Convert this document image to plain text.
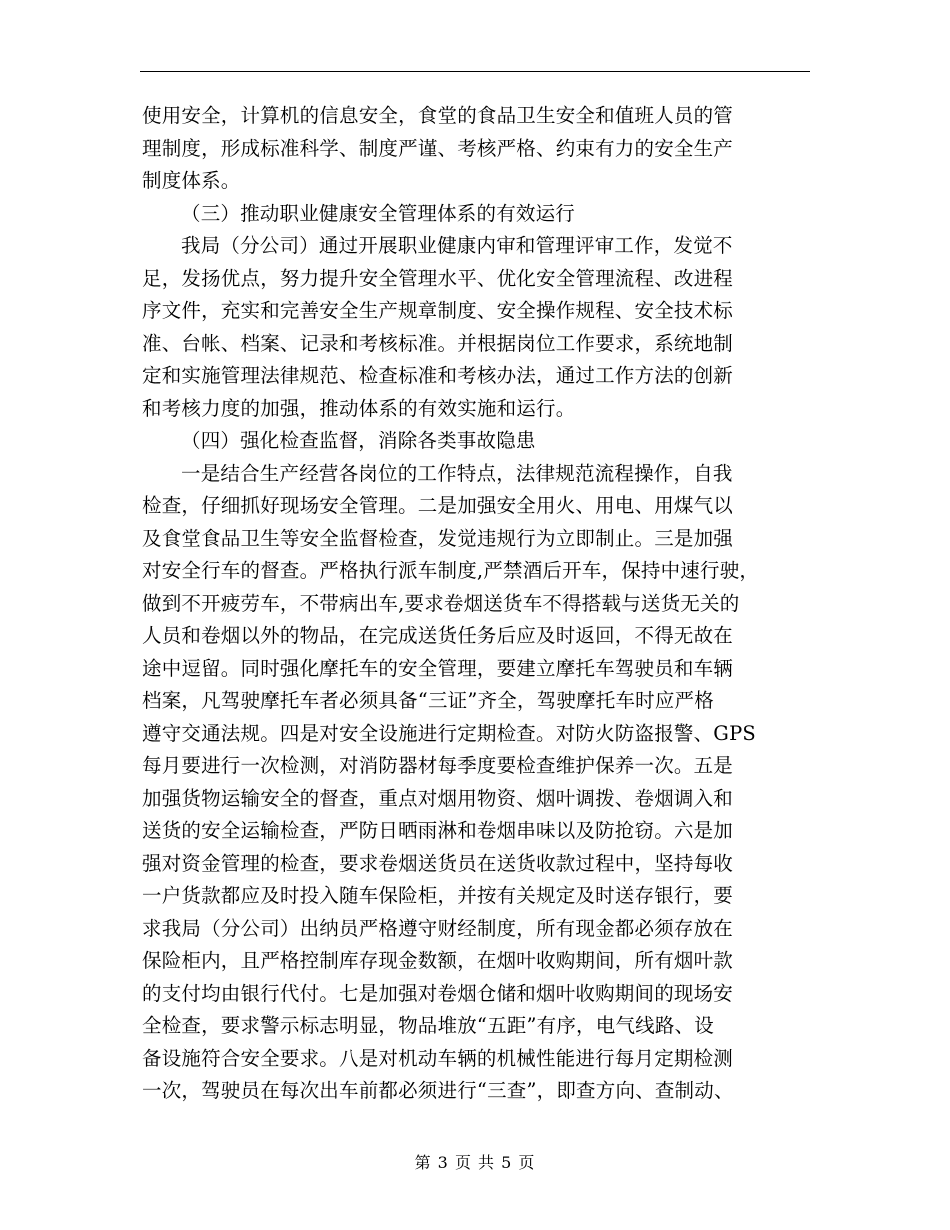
使用安全，计算机的信息安全，食堂的食品卫生安全和值班人员的管
理制度，形成标准科学、制度严谨、考核严格、约束有力的安全生产
制度体系。
（三）推动职业健康安全管理体系的有效运行
我局（分公司）通过开展职业健康内审和管理评审工作，发觉不
足，发扬优点，努力提升安全管理水平、优化安全管理流程、改进程
序文件，充实和完善安全生产规章制度、安全操作规程、安全技术标
准、台帐、档案、记录和考核标准。并根据岗位工作要求，系统地制
定和实施管理法律规范、检查标准和考核办法，通过工作方法的创新
和考核力度的加强，推动体系的有效实施和运行。
（四）强化检查监督，消除各类事故隐患
一是结合生产经营各岗位的工作特点，法律规范流程操作，自我
检查，仔细抓好现场安全管理。二是加强安全用火、用电、用煤气以
及食堂食品卫生等安全监督检查，发觉违规行为立即制止。三是加强
对安全行车的督查。严格执行派车制度,严禁酒后开车，保持中速行驶，
做到不开疲劳车，不带病出车,要求卷烟送货车不得搭载与送货无关的
人员和卷烟以外的物品，在完成送货任务后应及时返回，不得无故在
途中逗留。同时强化摩托车的安全管理，要建立摩托车驾驶员和车辆
档案，凡驾驶摩托车者必须具备“三证”齐全，驾驶摩托车时应严格
遵守交通法规。四是对安全设施进行定期检查。对防火防盗报警、GPS
每月要进行一次检测，对消防器材每季度要检查维护保养一次。五是
加强货物运输安全的督查，重点对烟用物资、烟叶调拨、卷烟调入和
送货的安全运输检查，严防日晒雨淋和卷烟串味以及防抢窃。六是加
强对资金管理的检查，要求卷烟送货员在送货收款过程中，坚持每收
一户货款都应及时投入随车保险柜，并按有关规定及时送存银行，要
求我局（分公司）出纳员严格遵守财经制度，所有现金都必须存放在
保险柜内，且严格控制库存现金数额，在烟叶收购期间，所有烟叶款
的支付均由银行代付。七是加强对卷烟仓储和烟叶收购期间的现场安
全检查，要求警示标志明显，物品堆放“五距”有序，电气线路、设
备设施符合安全要求。八是对机动车辆的机械性能进行每月定期检测
一次，驾驶员在每次出车前都必须进行“三查”，即查方向、查制动、
第 3 页 共 5 页
